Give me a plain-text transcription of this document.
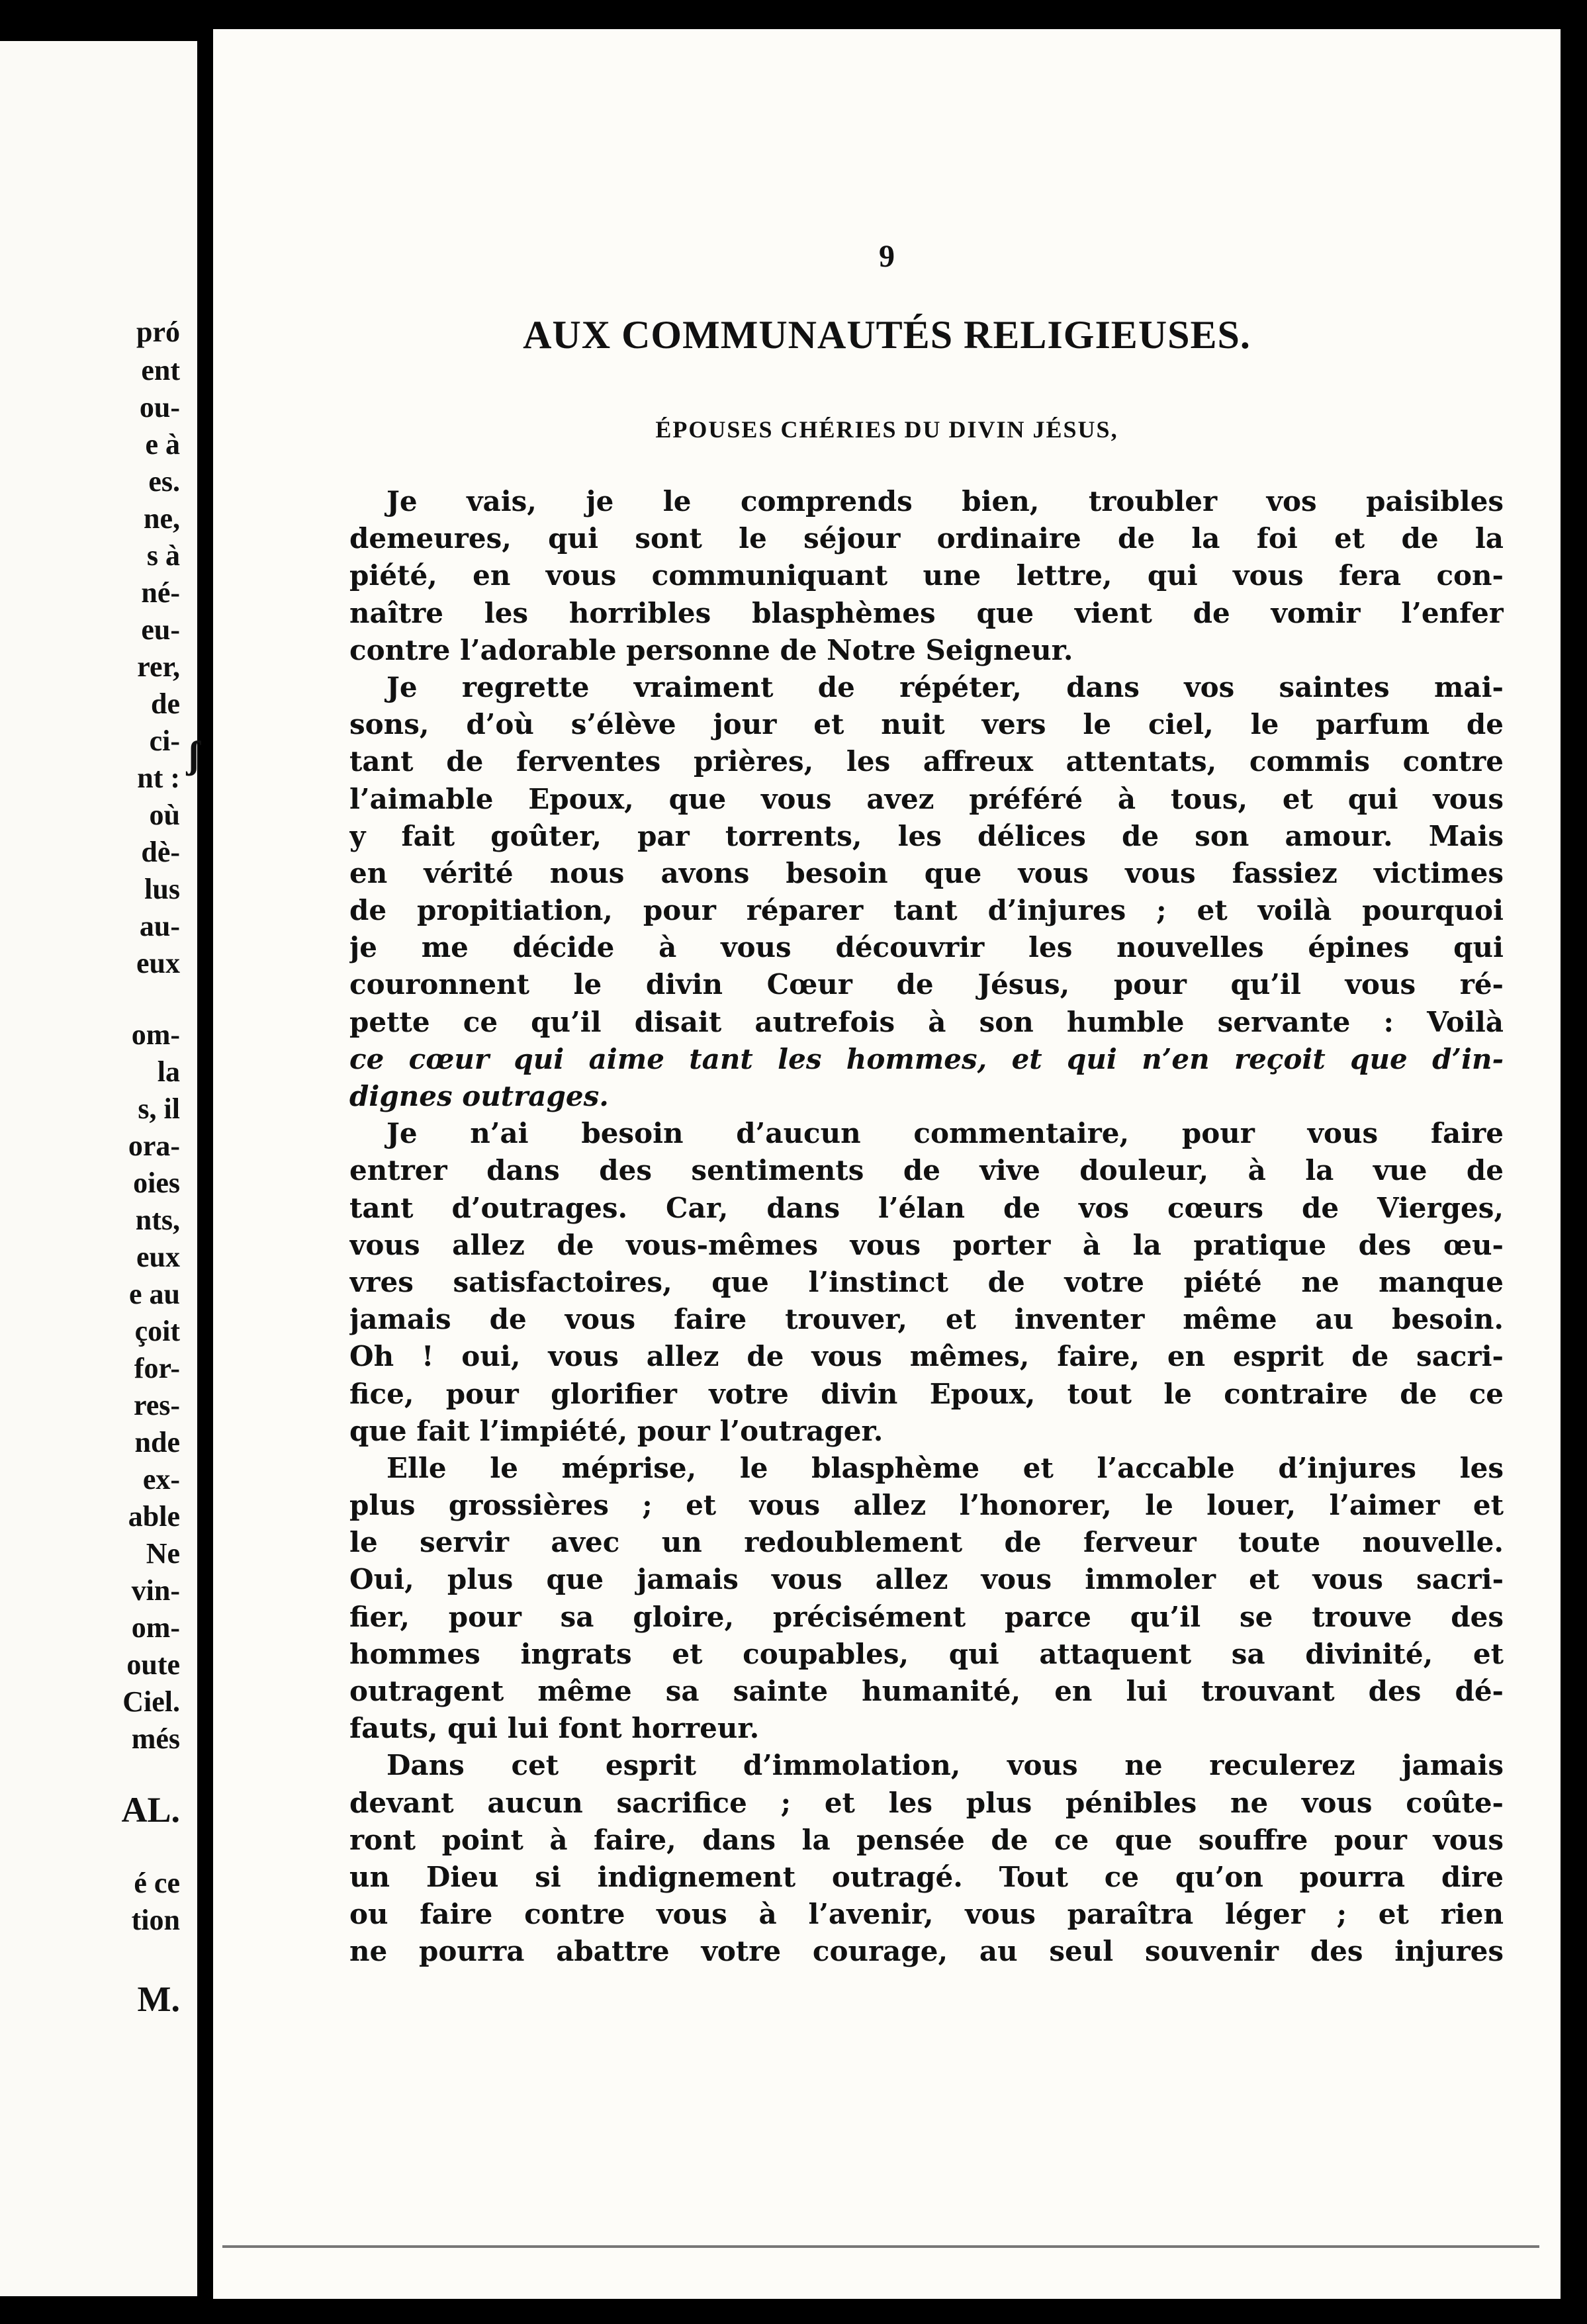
pró
ent
ou-
e à
es.
ne,
s à
né-
eu-
rer,
de
ci-
nt :
où
dè-
lus
au-
eux
om-
la
s, il
ora-
oies
nts,
eux
e au
çoit
for-
res-
nde
ex-
able
Ne
vin-
om-
oute
Ciel.
més
AL.
é ce
tion
M.
ʃ
9
AUX COMMUNAUTÉS RELIGIEUSES.
ÉPOUSES CHÉRIES DU DIVIN JÉSUS,
Je vais, je le comprends bien, troubler vos paisibles
demeures, qui sont le séjour ordinaire de la foi et de la
piété, en vous communiquant une lettre, qui vous fera con-
naître les horribles blasphèmes que vient de vomir l’enfer
contre l’adorable personne de Notre Seigneur.
Je regrette vraiment de répéter, dans vos saintes mai-
sons, d’où s’élève jour et nuit vers le ciel, le parfum de
tant de ferventes prières, les affreux attentats, commis contre
l’aimable Epoux, que vous avez préféré à tous, et qui vous
y fait goûter, par torrents, les délices de son amour. Mais
en vérité nous avons besoin que vous vous fassiez victimes
de propitiation, pour réparer tant d’injures ; et voilà pourquoi
je me décide à vous découvrir les nouvelles épines qui
couronnent le divin Cœur de Jésus, pour qu’il vous ré-
pette ce qu’il disait autrefois à son humble servante : Voilà
ce cœur qui aime tant les hommes, et qui n’en reçoit que d’in-
dignes outrages.
Je n’ai besoin d’aucun commentaire, pour vous faire
entrer dans des sentiments de vive douleur, à la vue de
tant d’outrages. Car, dans l’élan de vos cœurs de Vierges,
vous allez de vous-mêmes vous porter à la pratique des œu-
vres satisfactoires, que l’instinct de votre piété ne manque
jamais de vous faire trouver, et inventer même au besoin.
Oh ! oui, vous allez de vous mêmes, faire, en esprit de sacri-
fice, pour glorifier votre divin Epoux, tout le contraire de ce
que fait l’impiété, pour l’outrager.
Elle le méprise, le blasphème et l’accable d’injures les
plus grossières ; et vous allez l’honorer, le louer, l’aimer et
le servir avec un redoublement de ferveur toute nouvelle.
Oui, plus que jamais vous allez vous immoler et vous sacri-
fier, pour sa gloire, précisément parce qu’il se trouve des
hommes ingrats et coupables, qui attaquent sa divinité, et
outragent même sa sainte humanité, en lui trouvant des dé-
fauts, qui lui font horreur.
Dans cet esprit d’immolation, vous ne reculerez jamais
devant aucun sacrifice ; et les plus pénibles ne vous coûte-
ront point à faire, dans la pensée de ce que souffre pour vous
un Dieu si indignement outragé. Tout ce qu’on pourra dire
ou faire contre vous à l’avenir, vous paraîtra léger ; et rien
ne pourra abattre votre courage, au seul souvenir des injures
